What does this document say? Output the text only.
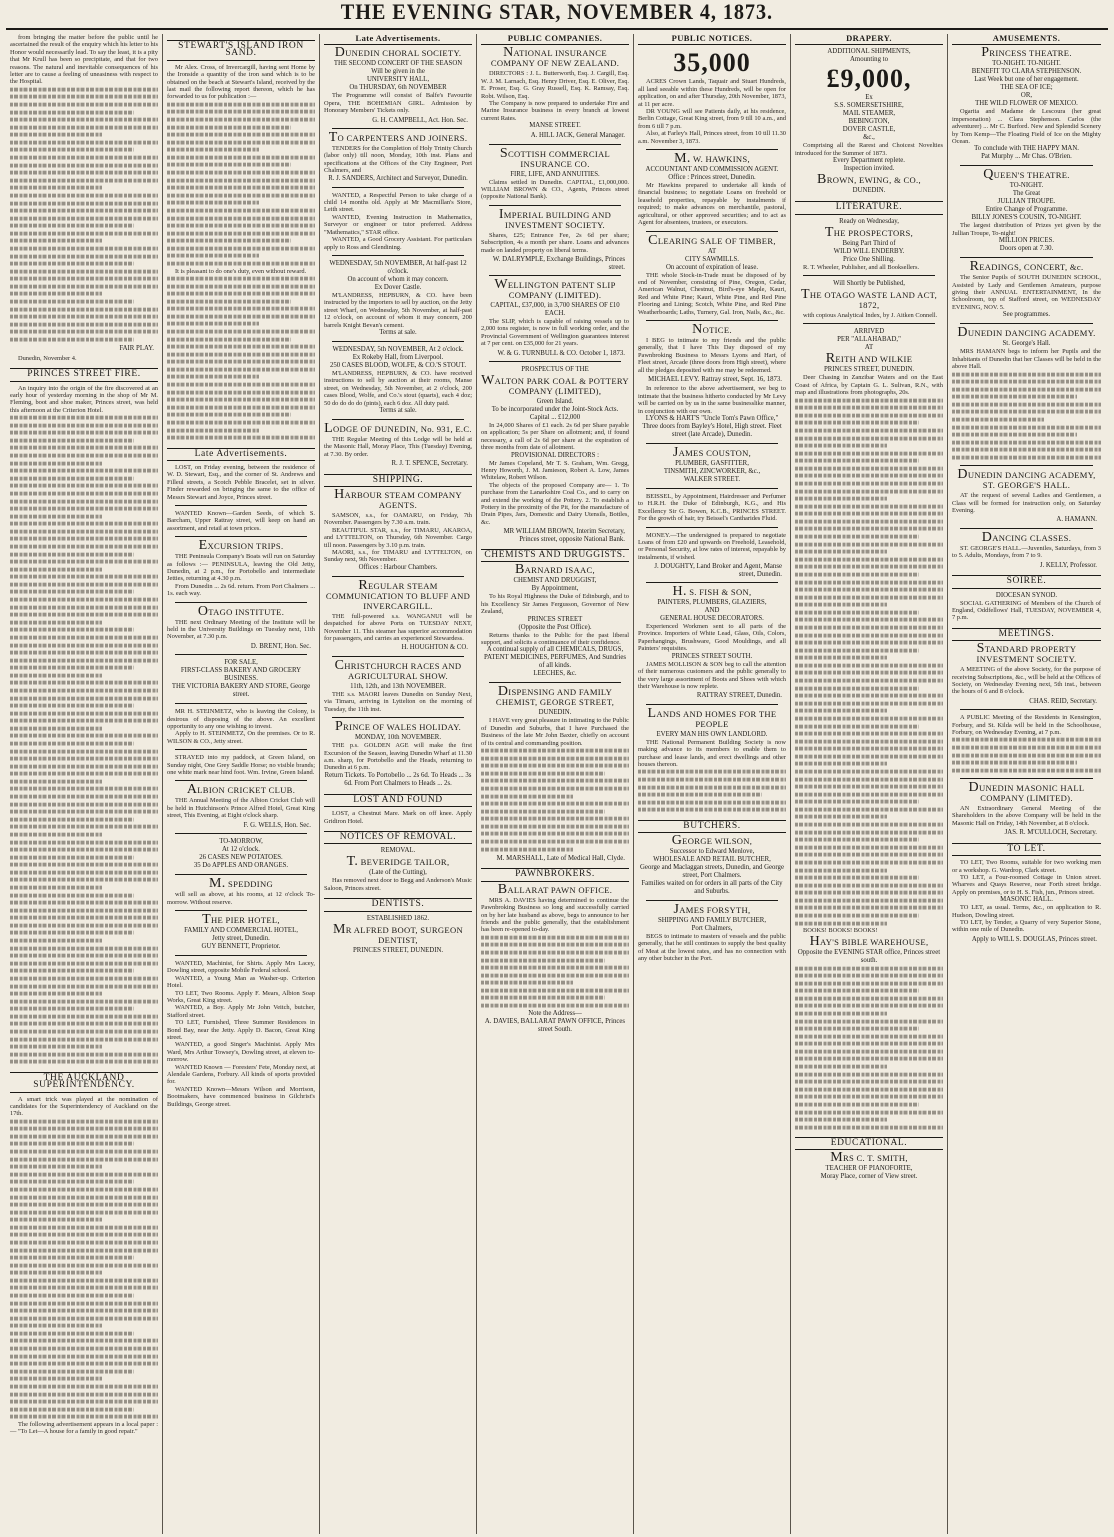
THE EVENING STAR, NOVEMBER 4, 1873.
from bringing the matter before the public until he ascertained the result of the enquiry which his letter to his Honor would necessarily lead. To say the least, it is a pity that Mr Krull has been so precipitate, and that for two reasons. The natural and inevitable consequences of his letter are to cause a feeling of uneasiness with respect to the Hospital.
FAIR PLAY.
Dunedin, November 4.
PRINCES STREET FIRE.
An inquiry into the origin of the fire discovered at an early hour of yesterday morning in the shop of Mr M. Fleming, boot and shoe maker, Princes street, was held this afternoon at the Criterion Hotel.
THE AUCKLAND SUPERINTENDENCY.
A smart trick was played at the nomination of candidates for the Superintendency of Auckland on the 17th.
The following advertisement appears in a local paper :— "To Let—A house for a family in good repair."
STEWART'S ISLAND IRON SAND.
Mr Alex. Cross, of Invercargill, having sent Home by the Ironside a quantity of the iron sand which is to be obtained on the beach at Stewart's Island, received by the last mail the following report thereon, which he has forwarded to us for publication :—
It is pleasant to do one's duty, even without reward.
Late Advertisements.
LOST, on Friday evening, between the residence of W. D. Stewart, Esq., and the corner of St. Andrews and Filleul streets, a Scotch Pebble Bracelet, set in silver. Finder rewarded on bringing the same to the office of Messrs Stewart and Joyce, Princes street.
WANTED Known—Garden Seeds, of which S. Barcham, Upper Rattray street, will keep on hand an assortment, and retail at town prices.
EXCURSION TRIPS.
THE Peninsula Company's Boats will run on Saturday as follows :— PENINSULA, leaving the Old Jetty, Dunedin, at 2 p.m., for Portobello and intermediate Jetties, returning at 4.30 p.m.
From Dunedin ... 2s 6d. return. From Port Chalmers ... 1s. each way.
OTAGO INSTITUTE.
THE next Ordinary Meeting of the Institute will be held in the University Buildings on Tuesday next, 11th November, at 7.30 p.m.
D. BRENT, Hon. Sec.
FOR SALE,
FIRST-CLASS BAKERY AND GROCERY BUSINESS.
THE VICTORIA BAKERY AND STORE, George street.
MR H. STEINMETZ, who is leaving the Colony, is desirous of disposing of the above. An excellent opportunity to any one wishing to invest.
Apply to H. STEINMETZ, On the premises. Or to R. WILSON & CO., Jetty street.
STRAYED into my paddock, at Green Island, on Sunday night, One Grey Saddle Horse; no visible brands; one white mark near hind foot. Wm. Irvine, Green Island.
ALBION CRICKET CLUB.
THE Annual Meeting of the Albion Cricket Club will be held in Hutchinson's Prince Alfred Hotel, Great King street, This Evening, at Eight o'clock sharp.
F. G. WELLS, Hon. Sec.
TO-MORROW,
At 12 o'clock.
26 CASES NEW POTATOES.
35 Do APPLES AND ORANGES.
M. SPEDDING
will sell as above, at his rooms, at 12 o'clock To-morrow. Without reserve.
THE PIER HOTEL,
FAMILY AND COMMERCIAL HOTEL,
Jetty street, Dunedin.
GUY BENNETT, Proprietor.
WANTED, Machinist, for Shirts. Apply Mrs Lacey, Dowling street, opposite Mobile Federal school.
WANTED, a Young Man as Washer-up. Criterion Hotel.
TO LET, Two Rooms. Apply F. Mears, Albion Soap Works, Great King street.
WANTED, a Boy. Apply Mr John Veitch, butcher, Stafford street.
TO LET, Furnished, Three Summer Residences in Bond Bay, near the Jetty. Apply D. Bacon, Great King street.
WANTED, a good Singer's Machinist. Apply Mrs Ward, Mrs Arthur Towsey's, Dowling street, at eleven to-morrow.
WANTED Known — Foresters' Fete, Monday next, at Alendale Gardens, Forbury. All kinds of sports provided for.
WANTED Known—Messrs Wilson and Morrison, Bootmakers, have commenced business in Gilchrist's Buildings, George street.
Late Advertisements.
DUNEDIN CHORAL SOCIETY.
THE SECOND CONCERT OF THE SEASON
Will be given in the
UNIVERSITY HALL,
On THURSDAY, 6th NOVEMBER
The Programme will consist of Balfe's Favourite Opera, THE BOHEMIAN GIRL. Admission by Honorary Members' Tickets only.
G. H. CAMPBELL, Act. Hon. Sec.
TO CARPENTERS AND JOINERS.
TENDERS for the Completion of Holy Trinity Church (labor only) till noon, Monday, 10th inst. Plans and specifications at the Offices of the City Engineer, Port Chalmers, and
R. J. SANDERS, Architect and Surveyor, Dunedin.
WANTED, a Respectful Person to take charge of a child 14 months old. Apply at Mr Macmillan's Store, Leith street.
WANTED, Evening Instruction in Mathematics, Surveyor or engineer or tutor preferred. Address "Mathematics," STAR office.
WANTED, a Good Grocery Assistant. For particulars apply to Ross and Glendining.
WEDNESDAY, 5th NOVEMBER, At half-past 12 o'clock.
On account of whom it may concern.
Ex Dover Castle.
M'LANDRESS, HEPBURN, & CO. have been instructed by the importers to sell by auction, on the Jetty street Wharf, on Wednesday, 5th November, at half-past 12 o'clock, on account of whom it may concern, 200 barrels Knight Bevan's cement.
Terms at sale.
WEDNESDAY, 5th NOVEMBER, At 2 o'clock.
Ex Rokeby Hall, from Liverpool.
250 CASES BLOOD, WOLFE, & CO.'S STOUT.
M'LANDRESS, HEPBURN, & CO. have received instructions to sell by auction at their rooms, Manse street, on Wednesday, 5th November, at 2 o'clock, 200 cases Blood, Wolfe, and Co.'s stout (quarts), each 4 doz; 50 do do do do (pints), each 6 doz. All duty paid.
Terms at sale.
LODGE OF DUNEDIN, No. 931, E.C.
THE Regular Meeting of this Lodge will be held at the Masonic Hall, Moray Place, This (Tuesday) Evening, at 7.30. By order.
R. J. T. SPENCE, Secretary.
SHIPPING.
HARBOUR STEAM COMPANY AGENTS.
SAMSON, s.s., for OAMARU, on Friday, 7th November. Passengers by 7.30 a.m. train.
BEAUTIFUL STAR, s.s., for TIMARU, AKAROA, and LYTTELTON, on Thursday, 6th November. Cargo till noon. Passengers by 3.10 p.m. train.
MAORI, s.s., for TIMARU and LYTTELTON, on Sunday next, 9th November.
Offices : Harbour Chambers.
REGULAR STEAM COMMUNICATION TO BLUFF AND INVERCARGILL.
THE full-powered s.s. WANGANUI will be despatched for above Ports on TUESDAY NEXT, November 11. This steamer has superior accommodation for passengers, and carries an experienced Stewardess.
H. HOUGHTON & CO.
CHRISTCHURCH RACES AND AGRICULTURAL SHOW.
11th, 12th, and 13th NOVEMBER.
THE s.s. MAORI leaves Dunedin on Sunday Next, via Timaru, arriving in Lyttelton on the morning of Tuesday, the 11th inst.
PRINCE OF WALES HOLIDAY.
MONDAY, 10th NOVEMBER.
THE p.s. GOLDEN AGE will make the first Excursion of the Season, leaving Dunedin Wharf at 11.30 a.m. sharp, for Portobello and the Heads, returning to Dunedin at 6 p.m.
Return Tickets. To Portobello ... 2s 6d. To Heads ... 3s 6d. From Port Chalmers to Heads ... 2s.
LOST AND FOUND
LOST, a Chestnut Mare. Mark on off knee. Apply Gridiron Hotel.
NOTICES OF REMOVAL.
REMOVAL.
T. BEVERIDGE TAILOR,
(Late of the Cutting),
Has removed next door to Begg and Anderson's Music Saloon, Princes street.
DENTISTS.
ESTABLISHED 1862.
MR ALFRED BOOT, SURGEON DENTIST,
PRINCES STREET, DUNEDIN.
PUBLIC COMPANIES.
NATIONAL INSURANCE COMPANY OF NEW ZEALAND.
DIRECTORS : J. L. Butterworth, Esq. J. Cargill, Esq. W. J. M. Larnach, Esq. Henry Driver, Esq. E. Oliver, Esq. E. Proser, Esq. G. Gray Russell, Esq. K. Ramsay, Esq. Robt. Wilson, Esq.
The Company is now prepared to undertake Fire and Marine Insurance business in every branch at lowest current Rates.
MANSE STREET.
A. HILL JACK, General Manager.
SCOTTISH COMMERCIAL INSURANCE CO.
FIRE, LIFE, AND ANNUITIES.
Claims settled in Dunedin. CAPITAL, £1,000,000. WILLIAM BROWN & CO., Agents, Princes street (opposite National Bank).
IMPERIAL BUILDING AND INVESTMENT SOCIETY.
Shares, £25; Entrance Fee, 2s 6d per share; Subscription, 4s a month per share. Loans and advances made on landed property on liberal terms.
W. DALRYMPLE, Exchange Buildings, Princes street.
WELLINGTON PATENT SLIP COMPANY (LIMITED).
CAPITAL, £37,000, in 3,700 SHARES OF £10 EACH.
The SLIP, which is capable of raising vessels up to 2,000 tons register, is now in full working order, and the Provincial Government of Wellington guarantees interest at 7 per cent. on £35,000 for 21 years.
W. & G. TURNBULL & CO. October 1, 1873.
PROSPECTUS OF THE
WALTON PARK COAL & POTTERY COMPANY (LIMITED),
Green Island.
To be incorporated under the Joint-Stock Acts.
Capital ... £12,000
In 24,000 Shares of £1 each. 2s 6d per Share payable on application; 5s per Share on allotment; and, if found necessary, a call of 2s 6d per share at the expiration of three months from date of allotment.
PROVISIONAL DIRECTORS :
Mr James Copeland, Mr T. S. Graham, Wm. Gregg, Henry Howorth, J. M. Jamieson, Robert A. Low, James Whitelaw, Robert Wilson.
The objects of the proposed Company are— 1. To purchase from the Lanarkshire Coal Co., and to carry on and extend the working of the Pottery. 2. To establish a Pottery in the proximity of the Pit, for the manufacture of Drain Pipes, Jars, Domestic and Dairy Utensils, Bottles, &c.
MR WILLIAM BROWN, Interim Secretary, Princes street, opposite National Bank.
CHEMISTS AND DRUGGISTS.
BARNARD ISAAC,
CHEMIST AND DRUGGIST,
By Appointment,
To his Royal Highness the Duke of Edinburgh, and to his Excellency Sir James Fergusson, Governor of New Zealand,
PRINCES STREET
(Opposite the Post Office).
Returns thanks to the Public for the past liberal support, and solicits a continuance of their confidence.
A continual supply of all CHEMICALS, DRUGS, PATENT MEDICINES, PERFUMES, And Sundries of all kinds.
LEECHES, &c.
DISPENSING AND FAMILY CHEMIST, GEORGE STREET,
DUNEDIN.
I HAVE very great pleasure in intimating to the Public of Dunedin and Suburbs, that I have Purchased the Business of the late Mr John Baxter, chiefly on account of its central and commanding position.
M. MARSHALL, Late of Medical Hall, Clyde.
PAWNBROKERS.
BALLARAT PAWN OFFICE.
MRS A. DAVIES having determined to continue the Pawnbroking Business so long and successfully carried on by her late husband as above, begs to announce to her friends and the public generally, that the establishment has been re-opened to-day.
Note the Address—
A. DAVIES, BALLARAT PAWN OFFICE, Princes street South.
PUBLIC NOTICES.
35,000
ACRES Crown Lands, Taquair and Stuart Hundreds, all land seeable within these Hundreds, will be open for application, on and after Thursday, 20th November, 1873, at 11 per acre.
DR YOUNG will see Patients daily, at his residence, Berlin Cottage, Great King street, from 9 till 10 a.m., and from 6 till 7 p.m.
Also, at Farley's Hall, Princes street, from 10 till 11.30 a.m. November 3, 1873.
M. W. HAWKINS,
ACCOUNTANT AND COMMISSION AGENT.
Office : Princes street, Dunedin.
Mr Hawkins prepared to undertake all kinds of financial business; to negotiate Loans on freehold or leasehold properties, repayable by instalments if required; to make advances on merchantile, pastoral, agricultural, or other approved securities; and to act as Agent for absentees, trustees, or executors.
CLEARING SALE OF TIMBER,
AT
CITY SAWMILLS.
On account of expiration of lease.
THE whole Stock-in-Trade must be disposed of by end of November, consisting of Pine, Oregon, Cedar, American Walnut, Chestnut, Bird's-eye Maple, Kauri, Red and White Pine; Kauri, White Pine, and Red Pine Flooring and Lining; Scotch, White Pine, and Red Pine Weatherboards; Laths, Turnery, Gal. Iron, Nails, &c., &c.
NOTICE.
I BEG to intimate to my friends and the public generally, that I have This Day disposed of my Pawnbroking Business to Messrs Lyons and Hart, of Fleet street, Arcade (three doors from High street), where all the pledges deposited with me may be redeemed.
MICHAEL LEVY. Rattray street, Sept. 16, 1873.
In reference to the above advertisement, we beg to intimate that the business hitherto conducted by Mr Levy will be carried on by us in the same businesslike manner, in conjunction with our own.
LYONS & HART'S "Uncle Tom's Pawn Office," Three doors from Bayley's Hotel, High street. Fleet street (late Arcade), Dunedin.
JAMES COUSTON,
PLUMBER, GASFITTER,
TINSMITH, ZINCWORKER, &c.,
WALKER STREET.
BEISSEL, by Appointment, Hairdresser and Perfumer to H.R.H. the Duke of Edinburgh, K.G., and His Excellency Sir G. Bowen, K.C.B., PRINCES STREET. For the growth of hair, try Beissel's Cantharides Fluid.
MONEY.—The undersigned is prepared to negotiate Loans of from £20 and upwards on Freehold, Leasehold, or Personal Security, at low rates of interest, repayable by instalments, if wished.
J. DOUGHTY, Land Broker and Agent, Manse street, Dunedin.
H. S. FISH & SON,
PAINTERS, PLUMBERS, GLAZIERS,
AND
GENERAL HOUSE DECORATORS.
Experienced Workmen sent to all parts of the Province. Importers of White Lead, Glass, Oils, Colors, Paperhangings, Brushware, Good Mouldings, and all Painters' requisites.
PRINCES STREET SOUTH.
JAMES MOLLISON & SON beg to call the attention of their numerous customers and the public generally to the very large assortment of Boots and Shoes with which their Warehouse is now replete.
RATTRAY STREET, Dunedin.
LANDS AND HOMES FOR THE PEOPLE
EVERY MAN HIS OWN LANDLORD.
THE National Permanent Building Society is now making advance to its members to enable them to purchase and lease lands, and erect dwellings and other houses thereon.
BUTCHERS.
GEORGE WILSON,
Successor to Edward Menlove,
WHOLESALE AND RETAIL BUTCHER,
George and Maclaggan streets, Dunedin, and George street, Port Chalmers.
Families waited on for orders in all parts of the City and Suburbs.
JAMES FORSYTH,
SHIPPING AND FAMILY BUTCHER,
Port Chalmers,
BEGS to intimate to masters of vessels and the public generally, that he still continues to supply the best quality of Meat at the lowest rates, and has no connection with any other butcher in the Port.
DRAPERY.
ADDITIONAL SHIPMENTS,
Amounting to
£9,000,
Ex
S.S. SOMERSETSHIRE,
MAIL STEAMER,
BEBINGTON,
DOVER CASTLE,
&c.,
Comprising all the Rarest and Choicest Novelties introduced for the Summer of 1873.
Every Department replete.
Inspection invited.
BROWN, EWING, & CO.,
DUNEDIN.
LITERATURE.
Ready on Wednesday,
THE PROSPECTORS,
Being Part Third of
WILD WILL ENDERBY.
Price One Shilling.
R. T. Wheeler, Publisher, and all Booksellers.
Will Shortly be Published,
THE OTAGO WASTE LAND ACT, 1872,
with copious Analytical Index, by J. Aitken Connell.
ARRIVED
PER "ALLAHABAD,"
AT
REITH AND WILKIE
PRINCES STREET, DUNEDIN.
Deer Chasing in Zanzibar Waters and on the East Coast of Africa, by Captain G. L. Sulivan, R.N., with map and illustrations from photographs, 20s.
BOOKS! BOOKS! BOOKS!
HAY'S BIBLE WAREHOUSE,
Opposite the EVENING STAR office, Princes street south.
EDUCATIONAL.
MRS C. T. SMITH,
TEACHER OF PIANOFORTE,
Moray Place, corner of View street.
AMUSEMENTS.
PRINCESS THEATRE.
TO-NIGHT. TO-NIGHT.
BENEFIT TO CLARA STEPHENSON.
Last Week but one of her engagement.
THE SEA OF ICE;
OR,
THE WILD FLOWER OF MEXICO.
Ogarita and Madame de Lescoura (her great impersonation) ... Clara Stephenson. Carlos (the adventurer) ... Mr C. Burford. New and Splendid Scenery by Tom Kemp—The Floating Field of Ice on the Mighty Ocean.
To conclude with THE HAPPY MAN.
Pat Murphy ... Mr Chas. O'Brien.
QUEEN'S THEATRE.
TO-NIGHT.
The Great
JULLIAN TROUPE.
Entire Change of Programme.
BILLY JONES'S COUSIN, TO-NIGHT.
The largest distribution of Prizes yet given by the Jullian Troupe, To-night!
MILLION PRICES.
Doors open at 7.30.
READINGS, CONCERT, &c.
The Senior Pupils of SOUTH DUNEDIN SCHOOL, Assisted by Lady and Gentlemen Amateurs, purpose giving their ANNUAL ENTERTAINMENT, In the Schoolroom, top of Stafford street, on WEDNESDAY EVENING, NOV. 5.
See programmes.
DUNEDIN DANCING ACADEMY.
St. George's Hall.
MRS HAMANN begs to inform her Pupils and the Inhabitants of Dunedin that her Classes will be held in the above Hall.
DUNEDIN DANCING ACADEMY, ST. GEORGE'S HALL.
AT the request of several Ladies and Gentlemen, a Class will be formed for instruction only, on Saturday Evening.
A. HAMANN.
DANCING CLASSES.
ST. GEORGE'S HALL.—Juveniles, Saturdays, from 3 to 5. Adults, Mondays, from 7 to 9.
J. KELLY, Professor.
SOIREE.
DIOCESAN SYNOD.
SOCIAL GATHERING of Members of the Church of England, Oddfellows' Hall, TUESDAY, NOVEMBER 4, 7 p.m.
MEETINGS.
STANDARD PROPERTY INVESTMENT SOCIETY.
A MEETING of the above Society, for the purpose of receiving Subscriptions, &c., will be held at the Offices of Society, on Wednesday Evening next, 5th inst., between the hours of 6 and 8 o'clock.
CHAS. REID, Secretary.
A PUBLIC Meeting of the Residents in Kensington, Forbury, and St. Kilda will be held in the Schoolhouse, Forbury, on Wednesday Evening, at 7 p.m.
DUNEDIN MASONIC HALL COMPANY (LIMITED).
AN Extraordinary General Meeting of the Shareholders in the above Company will be held in the Masonic Hall on Friday, 14th November, at 8 o'clock.
JAS. R. M'CULLOCH, Secretary.
TO LET.
TO LET, Two Rooms, suitable for two working men or a workshop. G. Wardrop, Clark street.
TO LET, a Four-roomed Cottage in Union street. Wharves and Quays Reserve, near Forth street bridge. Apply on premises, or to H. S. Fish, jun., Princes street.
MASONIC HALL.
TO LET, as usual. Terms, &c., on application to R. Hudson, Dowling street.
TO LET, by Tender, a Quarry of very Superior Stone, within one mile of Dunedin.
Apply to WILL S. DOUGLAS, Princes street.
